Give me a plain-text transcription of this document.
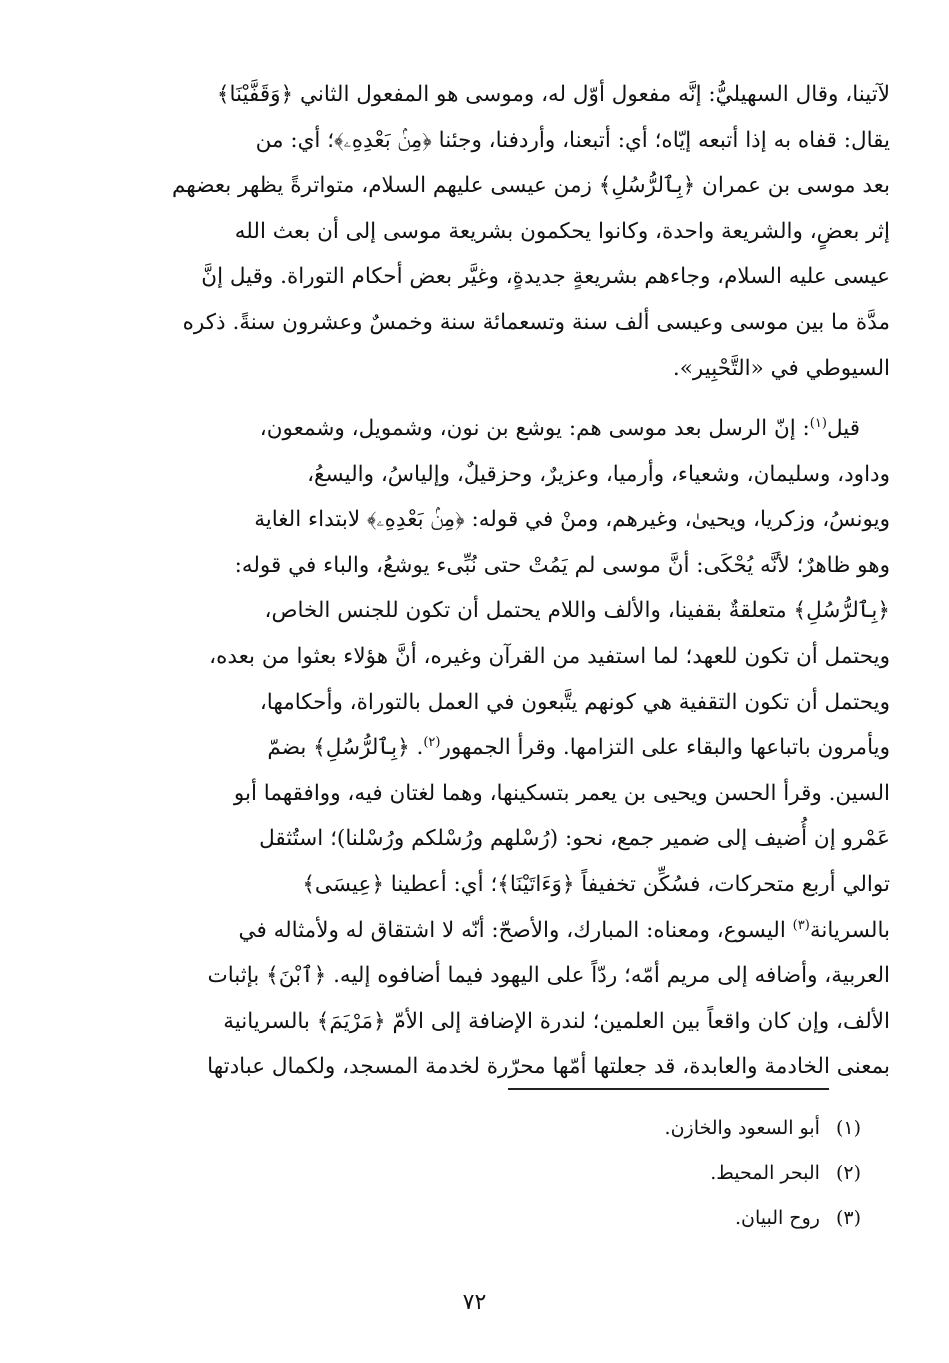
لآتينا، وقال السهيليُّ: إنَّه مفعول أوّل له، وموسى هو المفعول الثاني ﴿وَقَفَّيْنَا﴾
يقال: قفاه به إذا أتبعه إيّاه؛ أي: أتبعنا، وأردفنا، وجئنا ﴿مِنۢ بَعْدِهِۦ﴾؛ أي: من
بعد موسى بن عمران ﴿بِٱلرُّسُلِ﴾ زمن عيسى عليهم السلام، متواترةً يظهر بعضهم
إثر بعضٍ، والشريعة واحدة، وكانوا يحكمون بشريعة موسى إلى أن بعث الله
عيسى عليه السلام، وجاءهم بشريعةٍ جديدةٍ، وغيَّر بعض أحكام التوراة. وقيل إنَّ
مدَّة ما بين موسى وعيسى ألف سنة وتسعمائة سنة وخمسٌ وعشرون سنةً. ذكره
السيوطي في «التَّحْبِير».
قيل$^{(١)}$: إنّ الرسل بعد موسى هم: يوشع بن نون، وشمويل، وشمعون،
وداود، وسليمان، وشعياء، وأرميا، وعزيرٌ، وحزقيلٌ، وإلياسُ، واليسعُ،
ويونسُ، وزكريا، ويحيىٰ، وغيرهم، ومنْ في قوله: ﴿مِنۢ بَعْدِهِۦ﴾ لابتداء الغاية
وهو ظاهرٌ؛ لأنَّه يُحْكَى: أنَّ موسى لم يَمُتْ حتى نُبِّىء يوشعُ، والباء في قوله:
﴿بِٱلرُّسُلِ﴾ متعلقةٌ بقفينا، والألف واللام يحتمل أن تكون للجنس الخاص،
ويحتمل أن تكون للعهد؛ لما استفيد من القرآن وغيره، أنَّ هؤلاء بعثوا من بعده،
ويحتمل أن تكون التقفية هي كونهم يتَّبعون في العمل بالتوراة، وأحكامها،
ويأمرون باتباعها والبقاء على التزامها. وقرأ الجمهور$^{(٢)}$. ﴿بِٱلرُّسُلِ﴾ بضمّ
السين. وقرأ الحسن ويحيى بن يعمر بتسكينها، وهما لغتان فيه، ووافقهما أبو
عَمْرو إن أُضيف إلى ضمير جمع، نحو: (رُسْلهم ورُسْلكم ورُسْلنا)؛ استُثقل
توالي أربع متحركات، فسُكِّن تخفيفاً ﴿وَءَاتَيْنَا﴾؛ أي: أعطينا ﴿عِيسَى﴾
بالسريانة$^{(٣)}$ اليسوع، ومعناه: المبارك، والأصحّ: أنّه لا اشتقاق له ولأمثاله في
العربية، وأضافه إلى مريم أمّه؛ ردّاً على اليهود فيما أضافوه إليه. ﴿ٱبْنَ﴾ بإثبات
الألف، وإن كان واقعاً بين العلمين؛ لندرة الإضافة إلى الأمّ ﴿مَرْيَمَ﴾ بالسريانية
بمعنى الخادمة والعابدة، قد جعلتها أمّها محرّرة لخدمة المسجد، ولكمال عبادتها
(١)أبو السعود والخازن.
(٢)البحر المحيط.
(٣)روح البيان.
٧٢
